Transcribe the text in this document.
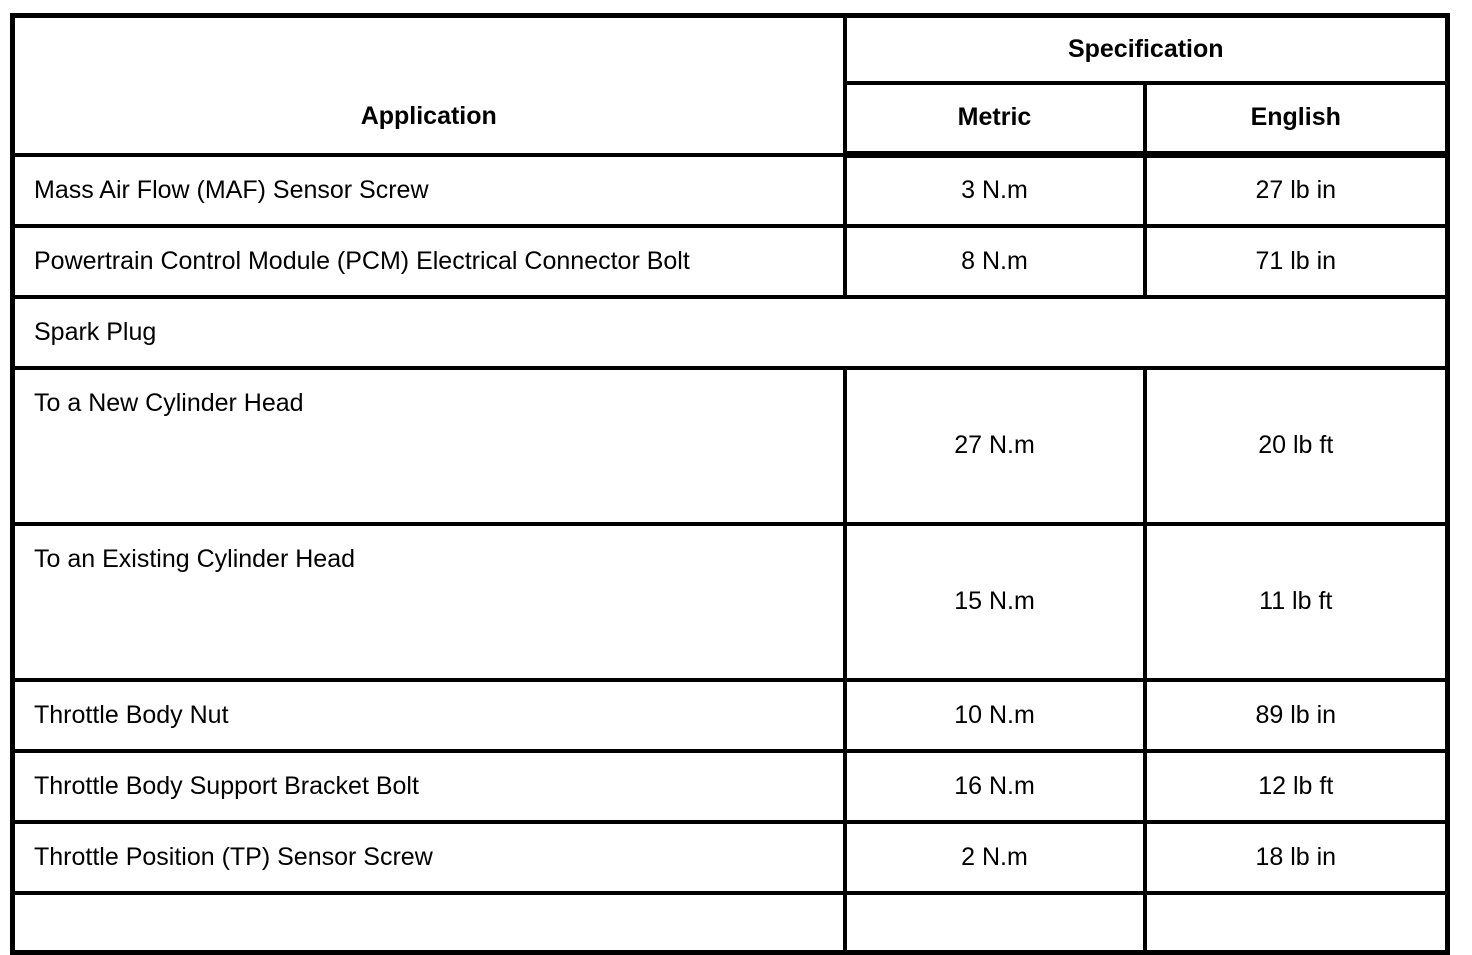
Application	Specification	
	Metric	English
Mass Air Flow (MAF) Sensor Screw	3 N.m	27 lb in
Powertrain Control Module (PCM) Electrical Connector Bolt	8 N.m	71 lb in
Spark Plug		
To a New Cylinder Head	27 N.m	20 lb ft
To an Existing Cylinder Head	15 N.m	11 lb ft
Throttle Body Nut	10 N.m	89 lb in
Throttle Body Support Bracket Bolt	16 N.m	12 lb ft
Throttle Position (TP) Sensor Screw	2 N.m	18 lb in
